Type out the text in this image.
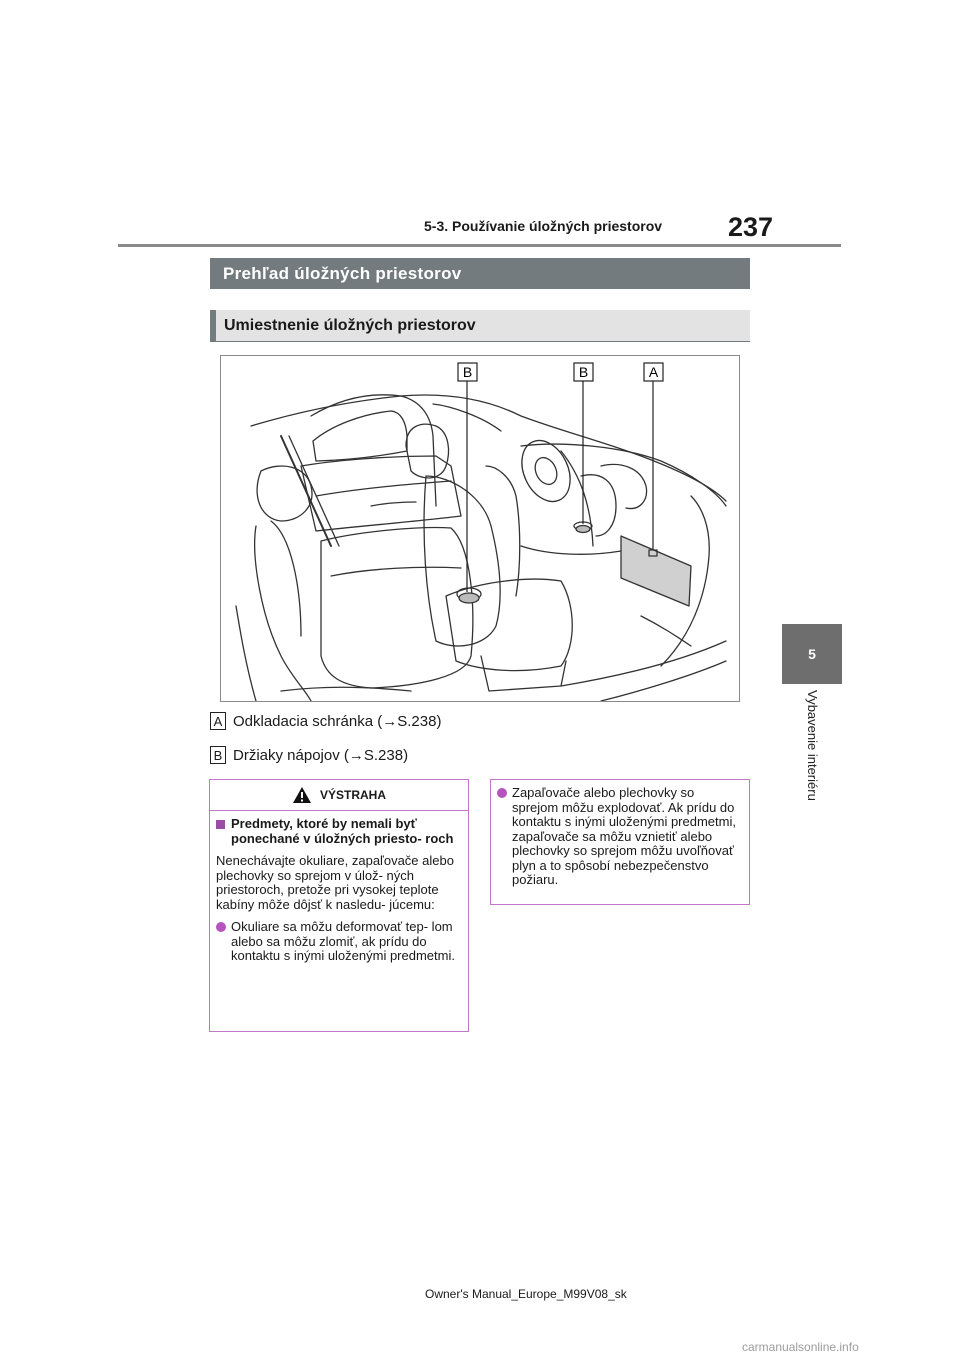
237
5-3. Používanie úložných priestorov
5
Vybavenie interiéru
Prehľad úložných priestorov
Umiestnenie úložných priestorov
B	B	A
A Odkladacia schránka (→S.238)
B Držiaky nápojov (→S.238)
VÝSTRAHA
Predmety, ktoré by nemali byť ponechané v úložných priesto- roch
Nenechávajte okuliare, zapaľovače alebo plechovky so sprejom v úlož- ných priestoroch, pretože pri vysokej teplote kabíny môže dôjsť k nasledu- júcemu:
Okuliare sa môžu deformovať tep- lom alebo sa môžu zlomiť, ak prídu do kontaktu s inými uloženými predmetmi.
Zapaľovače alebo plechovky so sprejom môžu explodovať. Ak prídu do kontaktu s inými uloženými predmetmi, zapaľovače sa môžu vznietiť alebo plechovky so sprejom môžu uvoľňovať plyn a to spôsobí nebezpečenstvo požiaru.
Owner's Manual_Europe_M99V08_sk
carmanualsonline.info
